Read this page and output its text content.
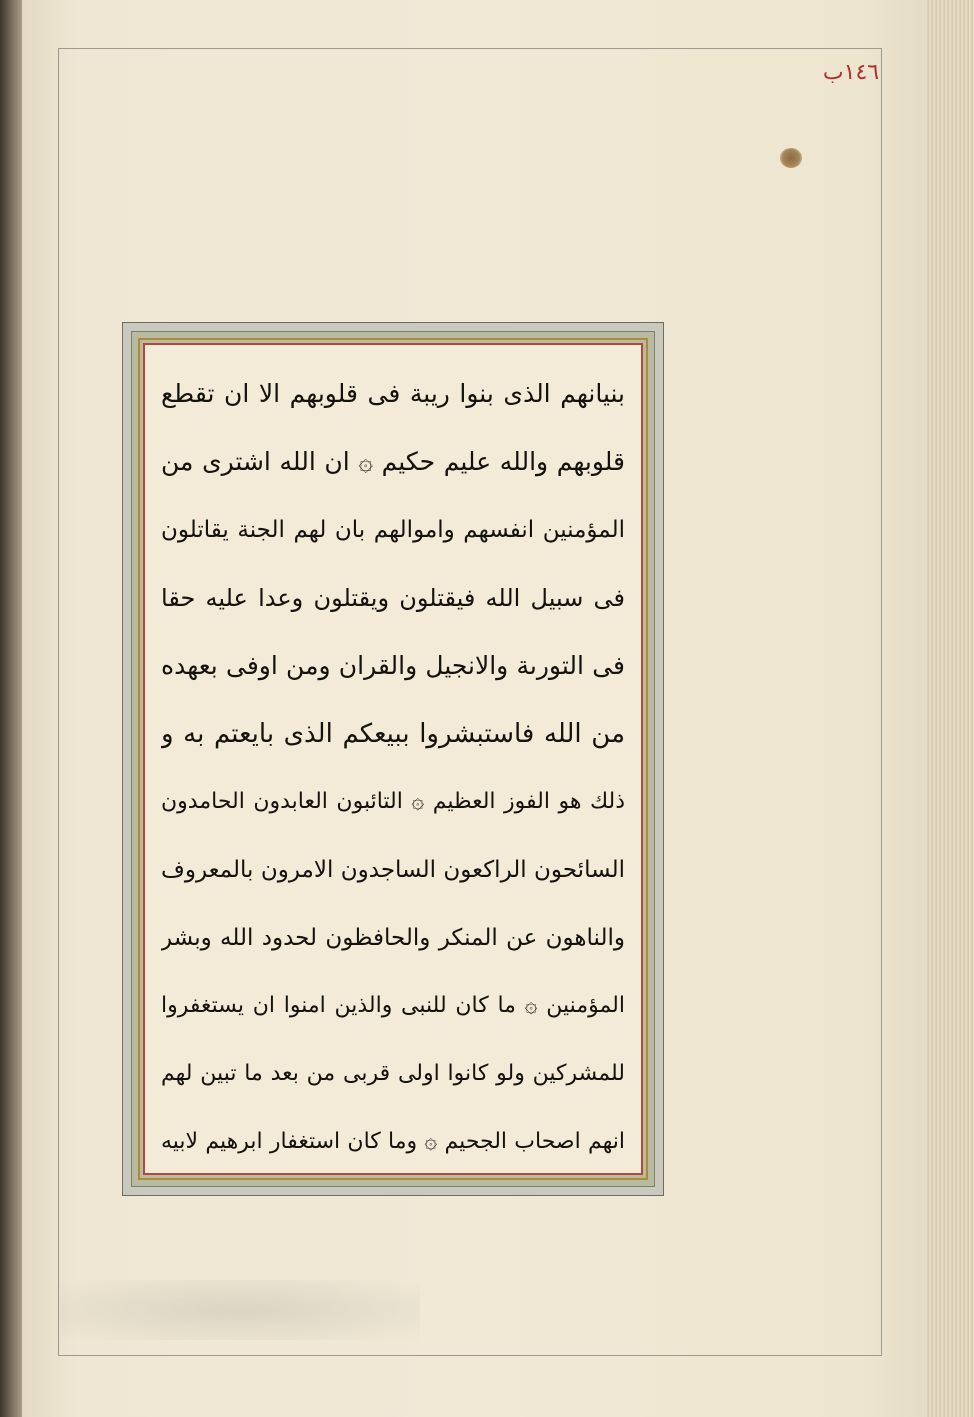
١٤٦ب
بنيانهم الذى بنوا ريبة فى قلوبهم الا ان تقطع
قلوبهم والله عليم حكيم ۞ ان الله اشترى من
المؤمنين انفسهم واموالهم بان لهم الجنة يقاتلون
فى سبيل الله فيقتلون ويقتلون وعدا عليه حقا
فى التورىة والانجيل والقران ومن اوفى بعهده
من الله فاستبشروا ببيعكم الذى بايعتم به و
ذلك هو الفوز العظيم ۞ التائبون العابدون الحامدون
السائحون الراكعون الساجدون الامرون بالمعروف
والناهون عن المنكر والحافظون لحدود الله وبشر
المؤمنين ۞ ما كان للنبى والذين امنوا ان يستغفروا
للمشركين ولو كانوا اولى قربى من بعد ما تبين لهم
انهم اصحاب الجحيم ۞ وما كان استغفار ابرهيم لابيه
